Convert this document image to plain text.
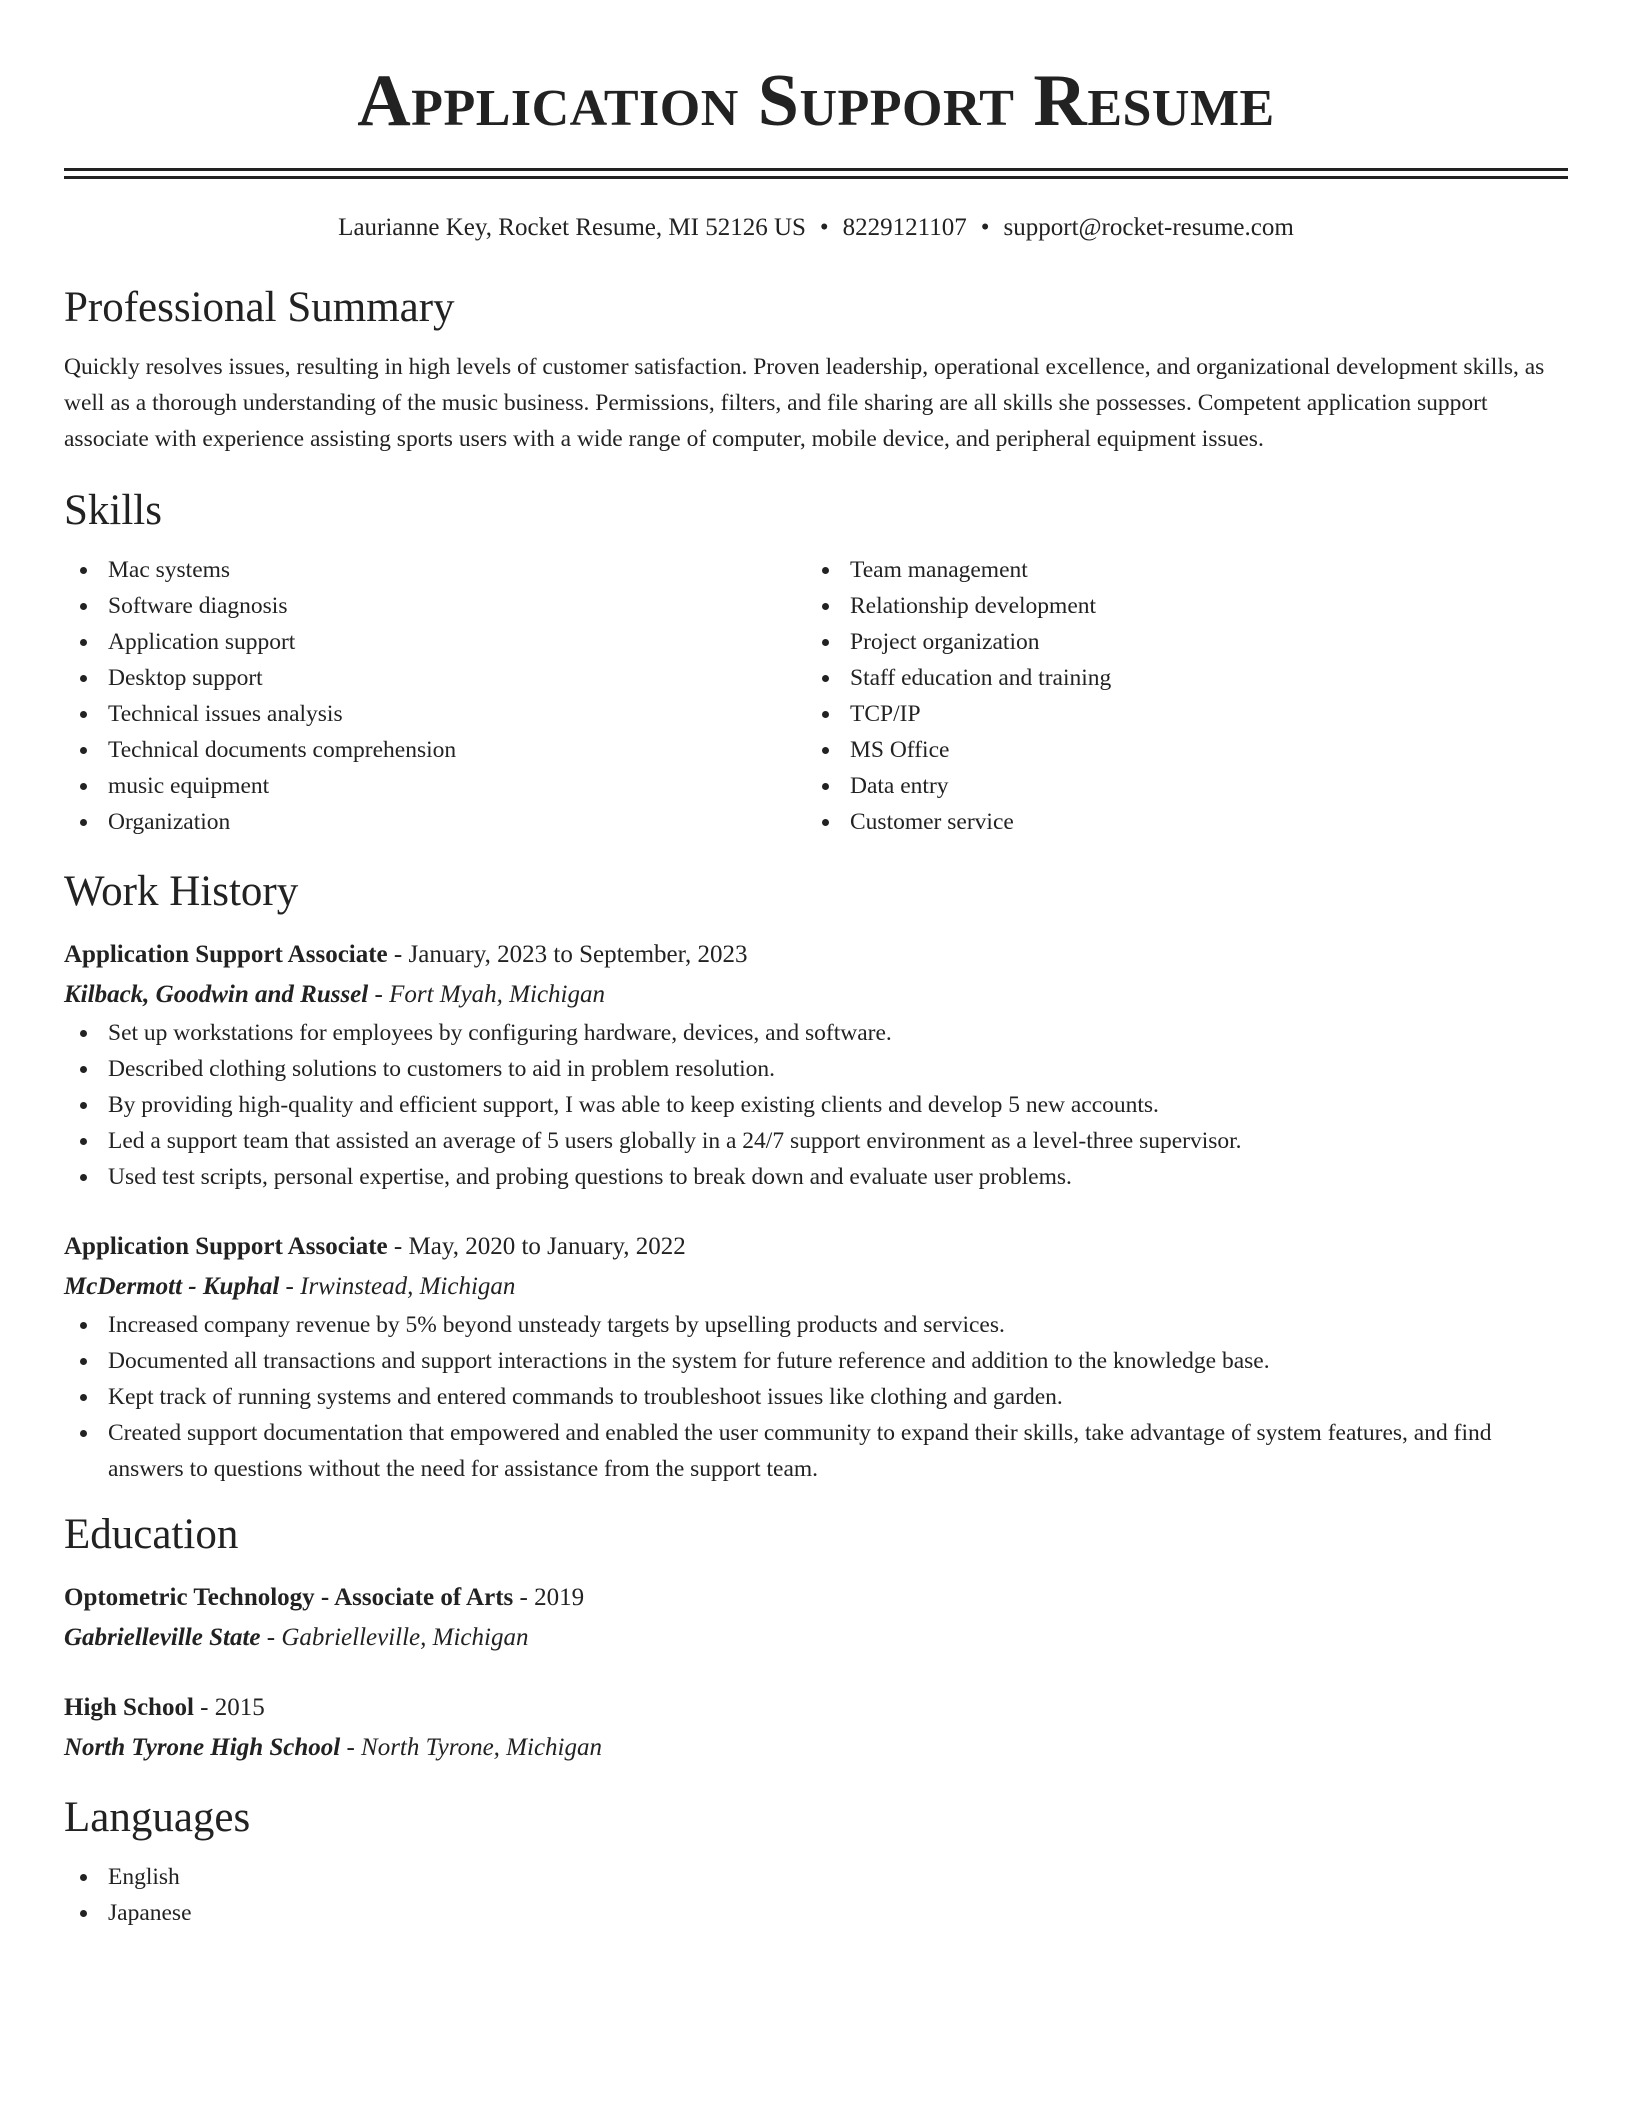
Application Support Resume
Laurianne Key, Rocket Resume, MI 52126 US • 8229121107 • support@rocket-resume.com
Professional Summary

Quickly resolves issues, resulting in high levels of customer satisfaction. Proven leadership, operational excellence, and organizational development skills, as well as a thorough understanding of the music business. Permissions, filters, and file sharing are all skills she possesses. Competent application support associate with experience assisting sports users with a wide range of computer, mobile device, and peripheral equipment issues.

Skills
Mac systems
Software diagnosis
Application support
Desktop support
Technical issues analysis
Technical documents comprehension
music equipment
Organization
Team management
Relationship development
Project organization
Staff education and training
TCP/IP
MS Office
Data entry
Customer service
Work History
Application Support Associate - January, 2023 to September, 2023
Kilback, Goodwin and Russel - Fort Myah, Michigan
Set up workstations for employees by configuring hardware, devices, and software.
Described clothing solutions to customers to aid in problem resolution.
By providing high-quality and efficient support, I was able to keep existing clients and develop 5 new accounts.
Led a support team that assisted an average of 5 users globally in a 24/7 support environment as a level-three supervisor.
Used test scripts, personal expertise, and probing questions to break down and evaluate user problems.
Application Support Associate - May, 2020 to January, 2022
McDermott - Kuphal - Irwinstead, Michigan
Increased company revenue by 5% beyond unsteady targets by upselling products and services.
Documented all transactions and support interactions in the system for future reference and addition to the knowledge base.
Kept track of running systems and entered commands to troubleshoot issues like clothing and garden.
Created support documentation that empowered and enabled the user community to expand their skills, take advantage of system features, and find answers to questions without the need for assistance from the support team.
Education
Optometric Technology - Associate of Arts - 2019
Gabrielleville State - Gabrielleville, Michigan
High School - 2015
North Tyrone High School - North Tyrone, Michigan
Languages
English
Japanese
